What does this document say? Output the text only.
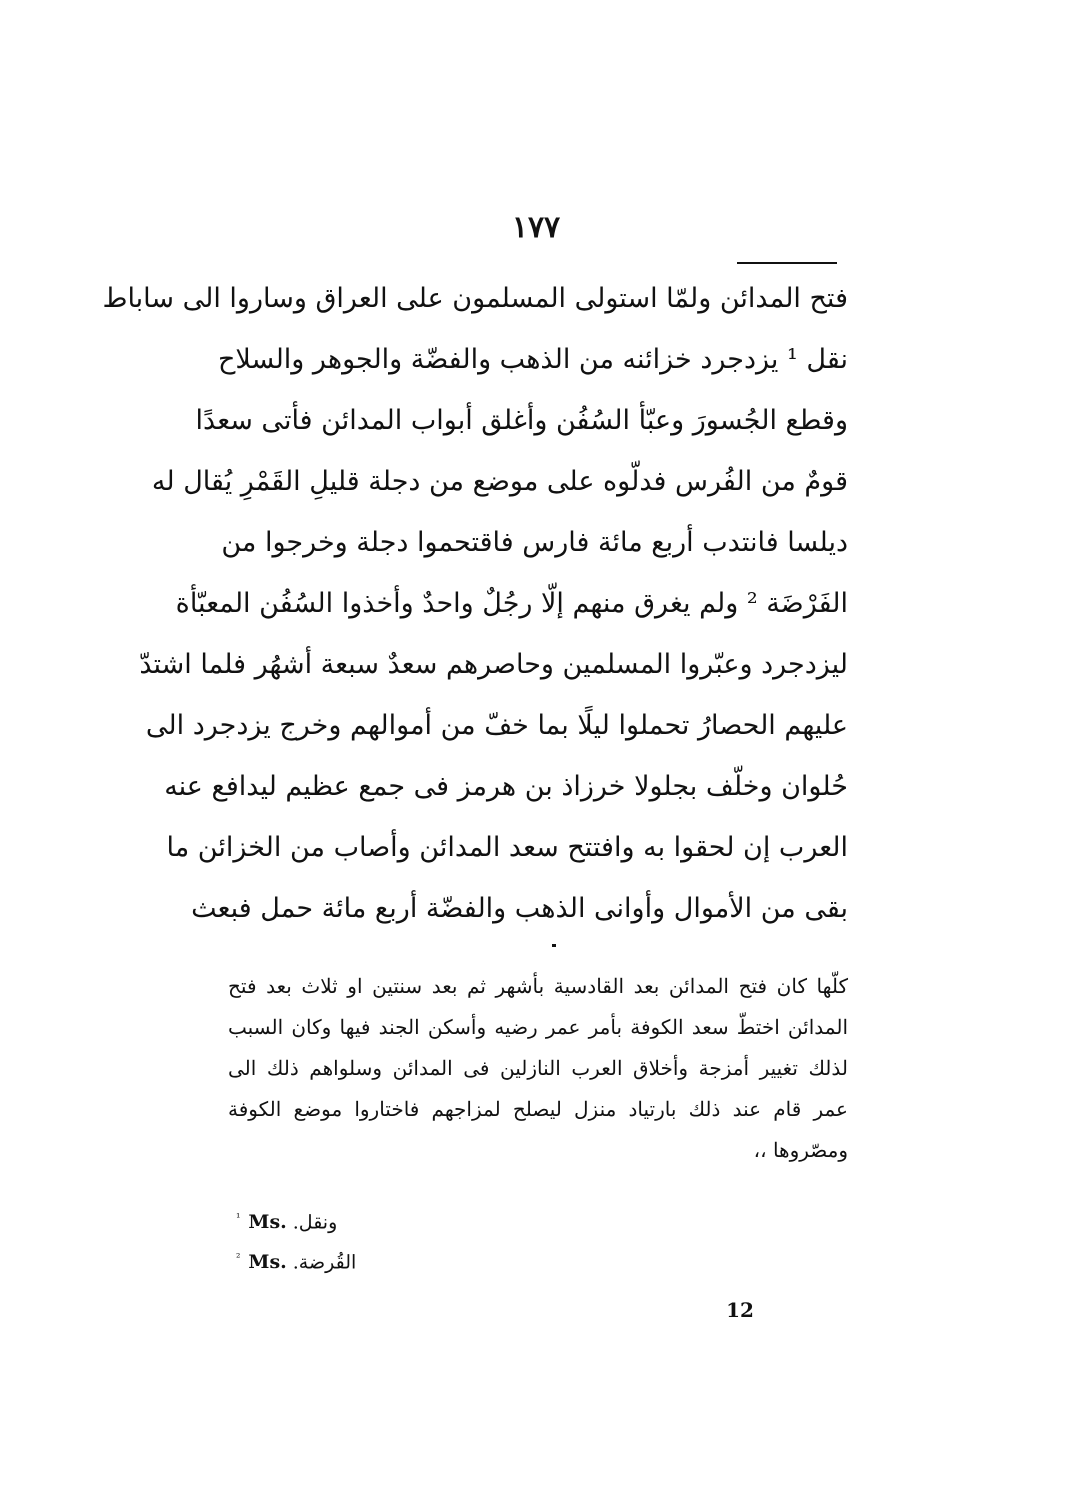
١٧٧
فتح المدائن ولمّا استولى المسلمون على العراق وساروا الى ساباط
نقل ¹ يزدجرد خزائنه من الذهب والفضّة والجوهر والسلاح
وقطع الجُسورَ وعبّأ السُفُن وأغلق أبواب المدائن فأتى سعدًا
قومٌ من الفُرس فدلّوه على موضع من دجلة قليلِ القَمْرِ يُقال له
ديلسا فانتدب أربع مائة فارس فاقتحموا دجلة وخرجوا من
الفَرْضَة ² ولم يغرق منهم إلّا رجُلٌ واحدٌ وأخذوا السُفُن المعبّأة
ليزدجرد وعبّروا المسلمين وحاصرهم سعدٌ سبعة أشهُر فلما اشتدّ
عليهم الحصارُ تحملوا ليلًا بما خفّ من أموالهم وخرج يزدجرد الى
حُلوان وخلّف بجلولا خرزاذ بن هرمز فى جمع عظيم ليدافع عنه
العرب إن لحقوا به وافتتح سعد المدائن وأصاب من الخزائن ما
بقى من الأموال وأوانى الذهب والفضّة أربع مائة حمل فبعث
كلّها كان فتح المدائن بعد القادسية بأشهر ثم بعد سنتين او ثلاث بعد فتح
المدائن اختطّ سعد الكوفة بأمر عمر رضيه وأسكن الجند فيها وكان السبب
لذلك تغيير أمزجة وأخلاق العرب النازلين فى المدائن وسلواهم ذلك الى
عمر قام عند ذلك بارتياد منزل ليصلح لمزاجهم فاختاروا موضع الكوفة
ومصّروها ،،
$^{^1}$ Ms. ونقل.
$^{^2}$ Ms. القُرضة.
12
